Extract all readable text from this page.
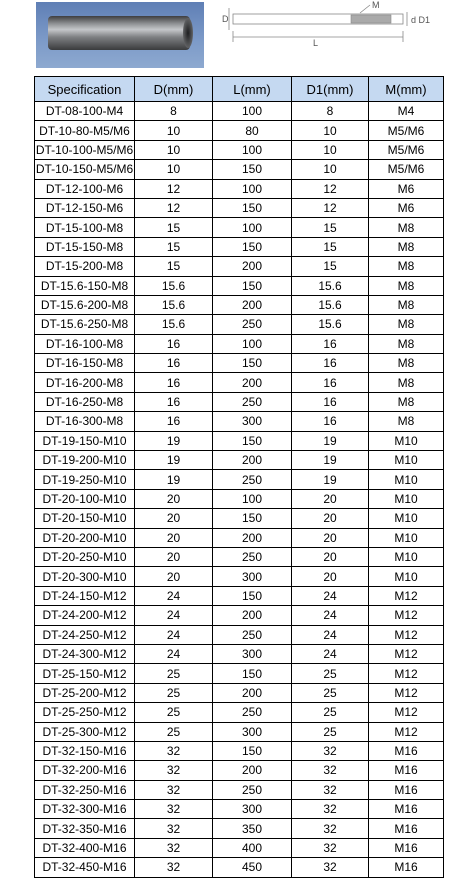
D
M
d D1
L
Specification	D(mm)	L(mm)	D1(mm)	M(mm)
DT-08-100-M4	8	100	8	M4
DT-10-80-M5/M6	10	80	10	M5/M6
DT-10-100-M5/M6	10	100	10	M5/M6
DT-10-150-M5/M6	10	150	10	M5/M6
DT-12-100-M6	12	100	12	M6
DT-12-150-M6	12	150	12	M6
DT-15-100-M8	15	100	15	M8
DT-15-150-M8	15	150	15	M8
DT-15-200-M8	15	200	15	M8
DT-15.6-150-M8	15.6	150	15.6	M8
DT-15.6-200-M8	15.6	200	15.6	M8
DT-15.6-250-M8	15.6	250	15.6	M8
DT-16-100-M8	16	100	16	M8
DT-16-150-M8	16	150	16	M8
DT-16-200-M8	16	200	16	M8
DT-16-250-M8	16	250	16	M8
DT-16-300-M8	16	300	16	M8
DT-19-150-M10	19	150	19	M10
DT-19-200-M10	19	200	19	M10
DT-19-250-M10	19	250	19	M10
DT-20-100-M10	20	100	20	M10
DT-20-150-M10	20	150	20	M10
DT-20-200-M10	20	200	20	M10
DT-20-250-M10	20	250	20	M10
DT-20-300-M10	20	300	20	M10
DT-24-150-M12	24	150	24	M12
DT-24-200-M12	24	200	24	M12
DT-24-250-M12	24	250	24	M12
DT-24-300-M12	24	300	24	M12
DT-25-150-M12	25	150	25	M12
DT-25-200-M12	25	200	25	M12
DT-25-250-M12	25	250	25	M12
DT-25-300-M12	25	300	25	M12
DT-32-150-M16	32	150	32	M16
DT-32-200-M16	32	200	32	M16
DT-32-250-M16	32	250	32	M16
DT-32-300-M16	32	300	32	M16
DT-32-350-M16	32	350	32	M16
DT-32-400-M16	32	400	32	M16
DT-32-450-M16	32	450	32	M16
